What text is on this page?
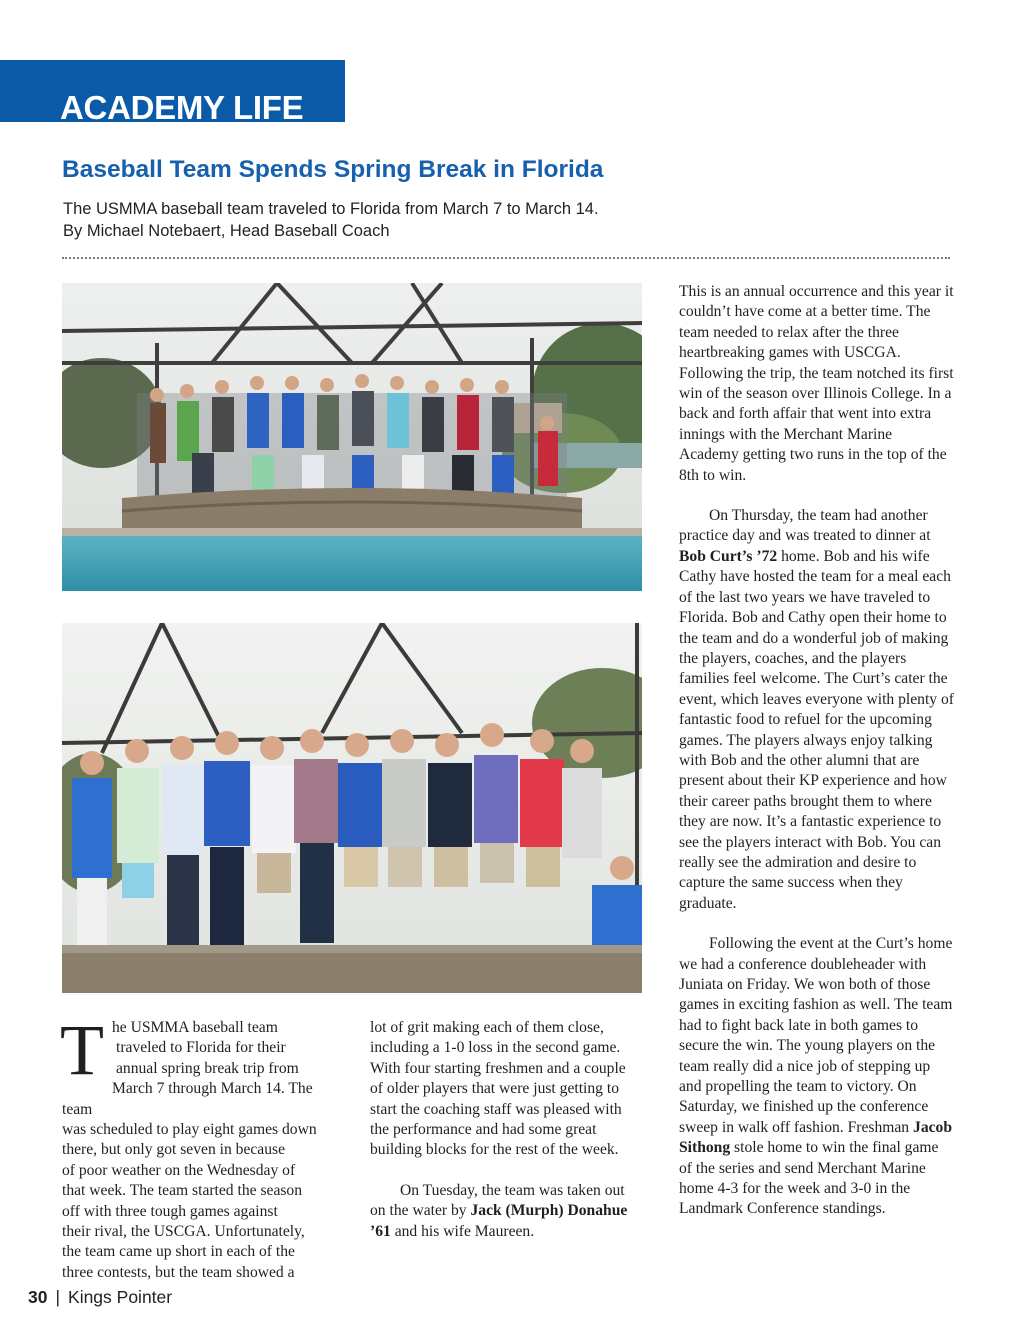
ACADEMY LIFE
Baseball Team Spends Spring Break in Florida
The USMMA baseball team traveled to Florida from March 7 to March 14.
By Michael Notebaert, Head Baseball Coach
T he USMMA baseball team
traveled to Florida for their
annual spring break trip from
March 7 through March 14. The team
was scheduled to play eight games down
there, but only got seven in because
of poor weather on the Wednesday of
that week. The team started the season
off with three tough games against
their rival, the USCGA. Unfortunately,
the team came up short in each of the
three contests, but the team showed a

lot of grit making each of them close, including a 1-0 loss in the second game. With four starting freshmen and a couple of older players that were just getting to start the coaching staff was pleased with the performance and had some great building blocks for the rest of the week.

On Tuesday, the team was taken out on the water by Jack (Murph) Donahue ’61 and his wife Maureen.

This is an annual occurrence and this year it couldn’t have come at a better time. The team needed to relax after the three heartbreaking games with USCGA. Following the trip, the team notched its first win of the season over Illinois College. In a back and forth affair that went into extra innings with the Merchant Marine Academy getting two runs in the top of the 8th to win.

On Thursday, the team had another practice day and was treated to dinner at Bob Curt’s ’72 home. Bob and his wife Cathy have hosted the team for a meal each of the last two years we have traveled to Florida. Bob and Cathy open their home to the team and do a wonderful job of making the players, coaches, and the players families feel welcome. The Curt’s cater the event, which leaves everyone with plenty of fantastic food to refuel for the upcoming games. The players always enjoy talking with Bob and the other alumni that are present about their KP experience and how their career paths brought them to where they are now. It’s a fantastic experience to see the players interact with Bob. You can really see the admiration and desire to capture the same success when they graduate.

Following the event at the Curt’s home we had a conference doubleheader with Juniata on Friday. We won both of those games in exciting fashion as well. The team had to fight back late in both games to secure the win. The young players on the team really did a nice job of stepping up and propelling the team to victory. On Saturday, we finished up the conference sweep in walk off fashion. Freshman Jacob Sithong stole home to win the final game of the series and send Merchant Marine home 4-3 for the week and 3-0 in the Landmark Conference standings.

30 | Kings Pointer
